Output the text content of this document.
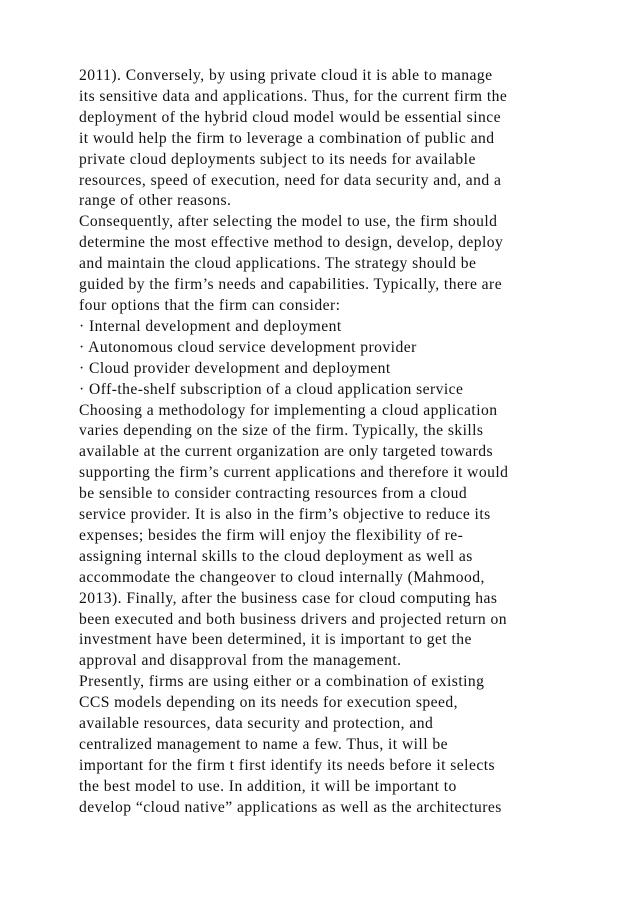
2011). Conversely, by using private cloud it is able to manage
its sensitive data and applications. Thus, for the current firm the
deployment of the hybrid cloud model would be essential since
it would help the firm to leverage a combination of public and
private cloud deployments subject to its needs for available
resources, speed of execution, need for data security and, and a
range of other reasons.
Consequently, after selecting the model to use, the firm should
determine the most effective method to design, develop, deploy
and maintain the cloud applications. The strategy should be
guided by the firm’s needs and capabilities. Typically, there are
four options that the firm can consider:
· Internal development and deployment
· Autonomous cloud service development provider
· Cloud provider development and deployment
· Off-the-shelf subscription of a cloud application service
Choosing a methodology for implementing a cloud application
varies depending on the size of the firm. Typically, the skills
available at the current organization are only targeted towards
supporting the firm’s current applications and therefore it would
be sensible to consider contracting resources from a cloud
service provider. It is also in the firm’s objective to reduce its
expenses; besides the firm will enjoy the flexibility of re-
assigning internal skills to the cloud deployment as well as
accommodate the changeover to cloud internally (Mahmood,
2013). Finally, after the business case for cloud computing has
been executed and both business drivers and projected return on
investment have been determined, it is important to get the
approval and disapproval from the management.
Presently, firms are using either or a combination of existing
CCS models depending on its needs for execution speed,
available resources, data security and protection, and
centralized management to name a few. Thus, it will be
important for the firm t first identify its needs before it selects
the best model to use. In addition, it will be important to
develop “cloud native” applications as well as the architectures
